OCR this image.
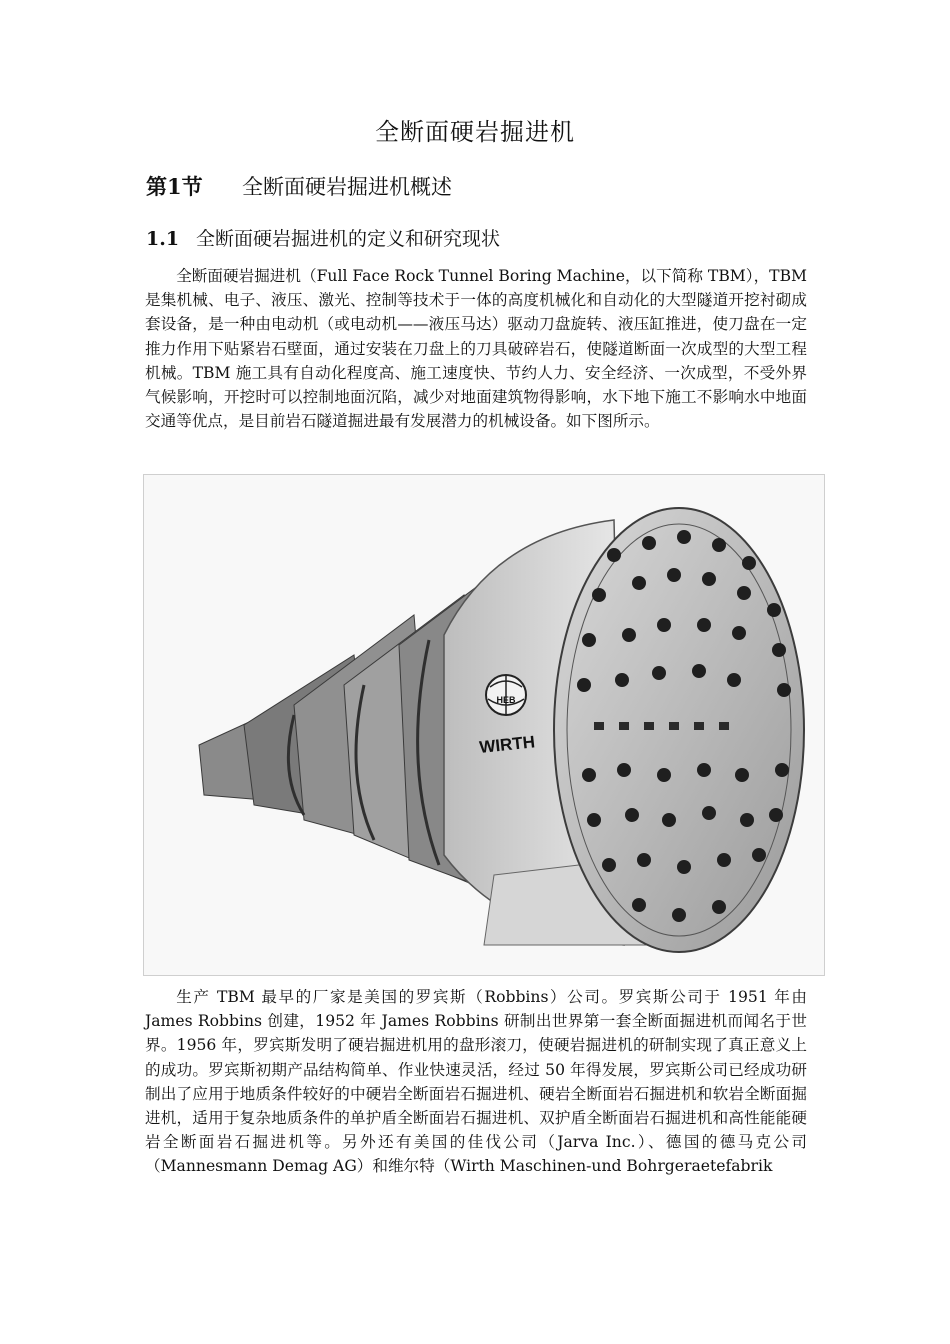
全断面硬岩掘进机
第1节 全断面硬岩掘进机概述
1.1 全断面硬岩掘进机的定义和研究现状

全断面硬岩掘进机（Full Face Rock Tunnel Boring Machine，以下简称 TBM），TBM 是集机械、电子、液压、激光、控制等技术于一体的高度机械化和自动化的大型隧道开挖衬砌成套设备，是一种由电动机（或电动机——液压马达）驱动刀盘旋转、液压缸推进，使刀盘在一定推力作用下贴紧岩石壁面，通过安装在刀盘上的刀具破碎岩石，使隧道断面一次成型的大型工程机械。TBM 施工具有自动化程度高、施工速度快、节约人力、安全经济、一次成型，不受外界气候影响，开挖时可以控制地面沉陷，减少对地面建筑物得影响，水下地下施工不影响水中地面交通等优点，是目前岩石隧道掘进最有发展潜力的机械设备。如下图所示。

HEB
WIRTH

生产 TBM 最早的厂家是美国的罗宾斯（Robbins）公司。罗宾斯公司于 1951 年由 James Robbins 创建，1952 年 James Robbins 研制出世界第一套全断面掘进机而闻名于世界。1956 年，罗宾斯发明了硬岩掘进机用的盘形滚刀，使硬岩掘进机的研制实现了真正意义上的成功。罗宾斯初期产品结构简单、作业快速灵活，经过 50 年得发展，罗宾斯公司已经成功研制出了应用于地质条件较好的中硬岩全断面岩石掘进机、硬岩全断面岩石掘进机和软岩全断面掘进机，适用于复杂地质条件的单护盾全断面岩石掘进机、双护盾全断面岩石掘进机和高性能能硬岩全断面岩石掘进机等。另外还有美国的佳伐公司（Jarva Inc.）、德国的德马克公司（Mannesmann Demag AG）和维尔特（Wirth Maschinen-und Bohrgeraetefabrik
